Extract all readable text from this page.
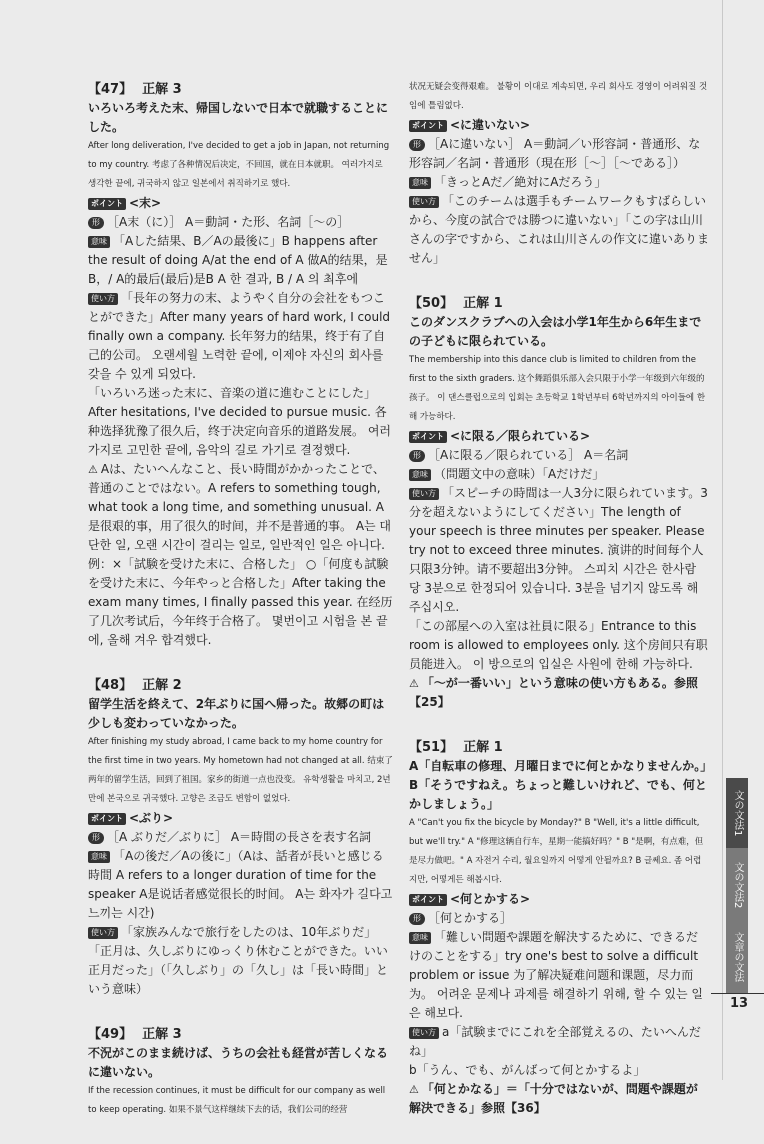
【47】 正解 3

いろいろ考えた末、帰国しないで日本で就職することにした。

After long deliveration, I've decided to get a job in Japan, not returning to my country. 考虑了各种情况后决定，不回国，就在日本就职。 여러가지로 생각한 끝에, 귀국하지 않고 일본에서 취직하기로 했다.

ポイント <末>

形 ［A末（に）］ A＝動詞・た形、名詞［～の］

意味 「Aした結果、B／Aの最後に」B happens after the result of doing A/at the end of A 做A的结果，是B，/ A的最后(最后)是B A 한 결과, B / A 의 최후에

使い方 「長年の努力の末、ようやく自分の会社をもつことができた」After many years of hard work, I could finally own a company. 长年努力的结果，终于有了自己的公司。 오랜세월 노력한 끝에, 이제야 자신의 회사를 갖을 수 있게 되었다.

「いろいろ迷った末に、音楽の道に進むことにした」After hesitations, I've decided to pursue music. 各种选择犹豫了很久后，终于决定向音乐的道路发展。 여러가지로 고민한 끝에, 음악의 길로 가기로 결정했다.

⚠ Aは、たいへんなこと、長い時間がかかったことで、普通のことではない。A refers to something tough, what took a long time, and something unusual. A是很艰的事，用了很久的时间，并不是普通的事。 A는 대단한 일, 오랜 시간이 걸리는 일로, 일반적인 일은 아니다.

例：×「試験を受けた末に、合格した」 ○「何度も試験を受けた末に、今年やっと合格した」After taking the exam many times, I finally passed this year. 在经历了几次考试后，今年终于合格了。 몇번이고 시험을 본 끝에, 올해 겨우 합격했다.

【48】 正解 2

留学生活を終えて、2年ぶりに国へ帰った。故郷の町は少しも変わっていなかった。

After finishing my study abroad, I came back to my home country for the first time in two years. My hometown had not changed at all. 结束了两年的留学生活，回到了祖国。家乡的街道一点也没变。 유학생활을 마치고, 2년만에 본국으로 귀국했다. 고향은 조금도 변함이 없었다.

ポイント <ぶり>

形 ［A ぶりだ／ぶりに］ A＝時間の長さを表す名詞

意味 「Aの後だ／Aの後に」（Aは、話者が長いと感じる時間 A refers to a longer duration of time for the speaker A是说话者感觉很长的时间。 A는 화자가 길다고 느끼는 시간)

使い方 「家族みんなで旅行をしたのは、10年ぶりだ」「正月は、久しぶりにゆっくり休むことができた。いい正月だった」（「久しぶり」の「久し」は「長い時間」という意味）

【49】 正解 3

不況がこのまま続けば、うちの会社も経営が苦しくなるに違いない。

If the recession continues, it must be difficult for our company as well to keep operating. 如果不景气这样继续下去的话，我们公司的经营

状况无疑会变得艰难。 불황이 이대로 계속되면, 우리 회사도 경영이 어려워질 것임에 틀림없다.

ポイント <に違いない>

形 ［Aに違いない］ A＝動詞／い形容詞・普通形、な形容詞／名詞・普通形（現在形［～］［～である］）

意味 「きっとAだ／絶対にAだろう」

使い方 「このチームは選手もチームワークもすばらしいから、今度の試合では勝つに違いない」「この字は山川さんの字ですから、これは山川さんの作文に違いありません」

【50】 正解 1

このダンスクラブへの入会は小学1年生から6年生までの子どもに限られている。

The membership into this dance club is limited to children from the first to the sixth graders. 这个舞蹈俱乐部入会只限于小学一年级到六年级的孩子。 이 댄스클럽으로의 입회는 초등학교 1학년부터 6학년까지의 아이들에 한해 가능하다.

ポイント <に限る／限られている>

形 ［Aに限る／限られている］ A＝名詞

意味 （問題文中の意味）「Aだけだ」

使い方 「スピーチの時間は一人3分に限られています。3分を超えないようにしてください」The length of your speech is three minutes per speaker. Please try not to exceed three minutes. 演讲的时间每个人只限3分钟。请不要超出3分钟。 스피치 시간은 한사람 당 3분으로 한정되어 있습니다. 3분을 넘기지 않도록 해주십시오.

「この部屋への入室は社員に限る」Entrance to this room is allowed to employees only. 这个房间只有职员能进入。 이 방으로의 입실은 사원에 한해 가능하다.

⚠ 「～が一番いい」という意味の使い方もある。参照【25】

【51】 正解 1

A「自転車の修理、月曜日までに何とかなりませんか。」

B「そうですねえ。ちょっと難しいけれど、でも、何とかしましょう。」

A "Can't you fix the bicycle by Monday?" B "Well, it's a little difficult, but we'll try." A "修理这辆自行车，星期一能搞好吗？" B "是啊，有点难，但是尽力做吧。" A 자전거 수리, 월요일까지 어떻게 안될까요? B 글쎄요. 좀 어렵지만, 어떻게든 해봅시다.

ポイント <何とかする>

形 ［何とかする］

意味 「難しい問題や課題を解決するために、できるだけのことをする」try one's best to solve a difficult problem or issue 为了解决疑难问题和课题，尽力而为。 어려운 문제나 과제를 해결하기 위해, 할 수 있는 일은 해보다.

使い方 a「試験までにこれを全部覚えるの、たいへんだね」

b「うん、でも、がんばって何とかするよ」

⚠ 「何とかなる」＝「十分ではないが、問題や課題が解決できる」参照【36】

文の文法1
文の文法2
文章の文法
13
